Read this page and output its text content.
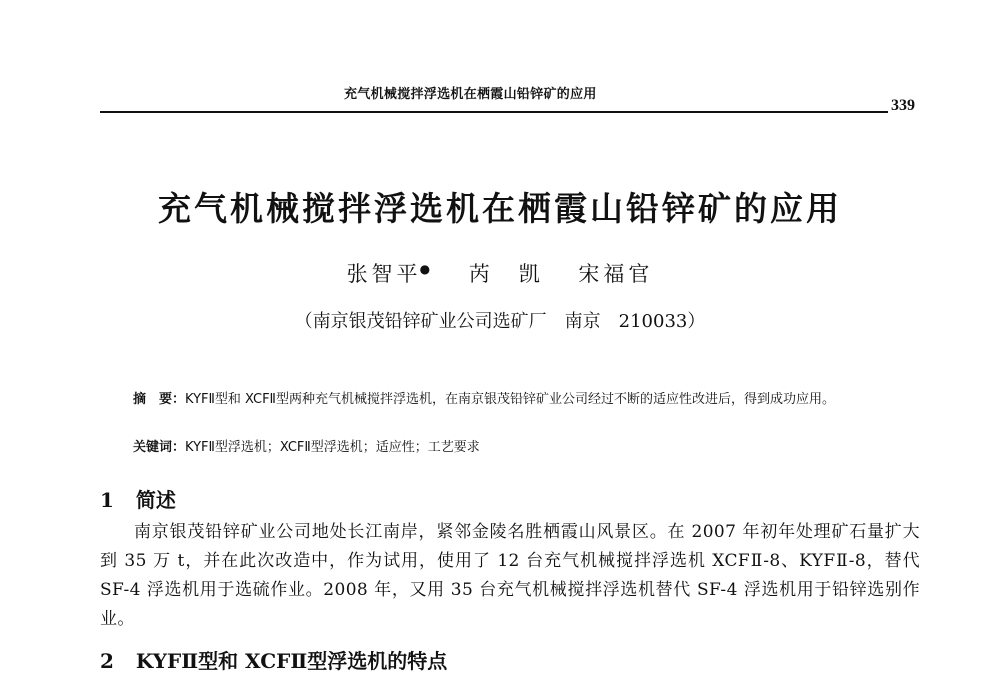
充气机械搅拌浮选机在栖霞山铅锌矿的应用
339
充气机械搅拌浮选机在栖霞山铅锌矿的应用
张智平● 芮　凯 宋福官
（南京银茂铅锌矿业公司选矿厂　南京　210033）
摘　要：KYFⅡ型和 XCFⅡ型两种充气机械搅拌浮选机，在南京银茂铅锌矿业公司经过不断的适应性改进后，得到成功应用。
关键词：KYFⅡ型浮选机；XCFⅡ型浮选机；适应性；工艺要求
1 简述
南京银茂铅锌矿业公司地处长江南岸，紧邻金陵名胜栖霞山风景区。在 2007 年初年处理矿石量扩大到 35 万 t，并在此次改造中，作为试用，使用了 12 台充气机械搅拌浮选机 XCFⅡ-8、KYFⅡ-8，替代 SF-4 浮选机用于选硫作业。2008 年，又用 35 台充气机械搅拌浮选机替代 SF-4 浮选机用于铅锌选别作业。
2 KYFⅡ型和 XCFⅡ型浮选机的特点
